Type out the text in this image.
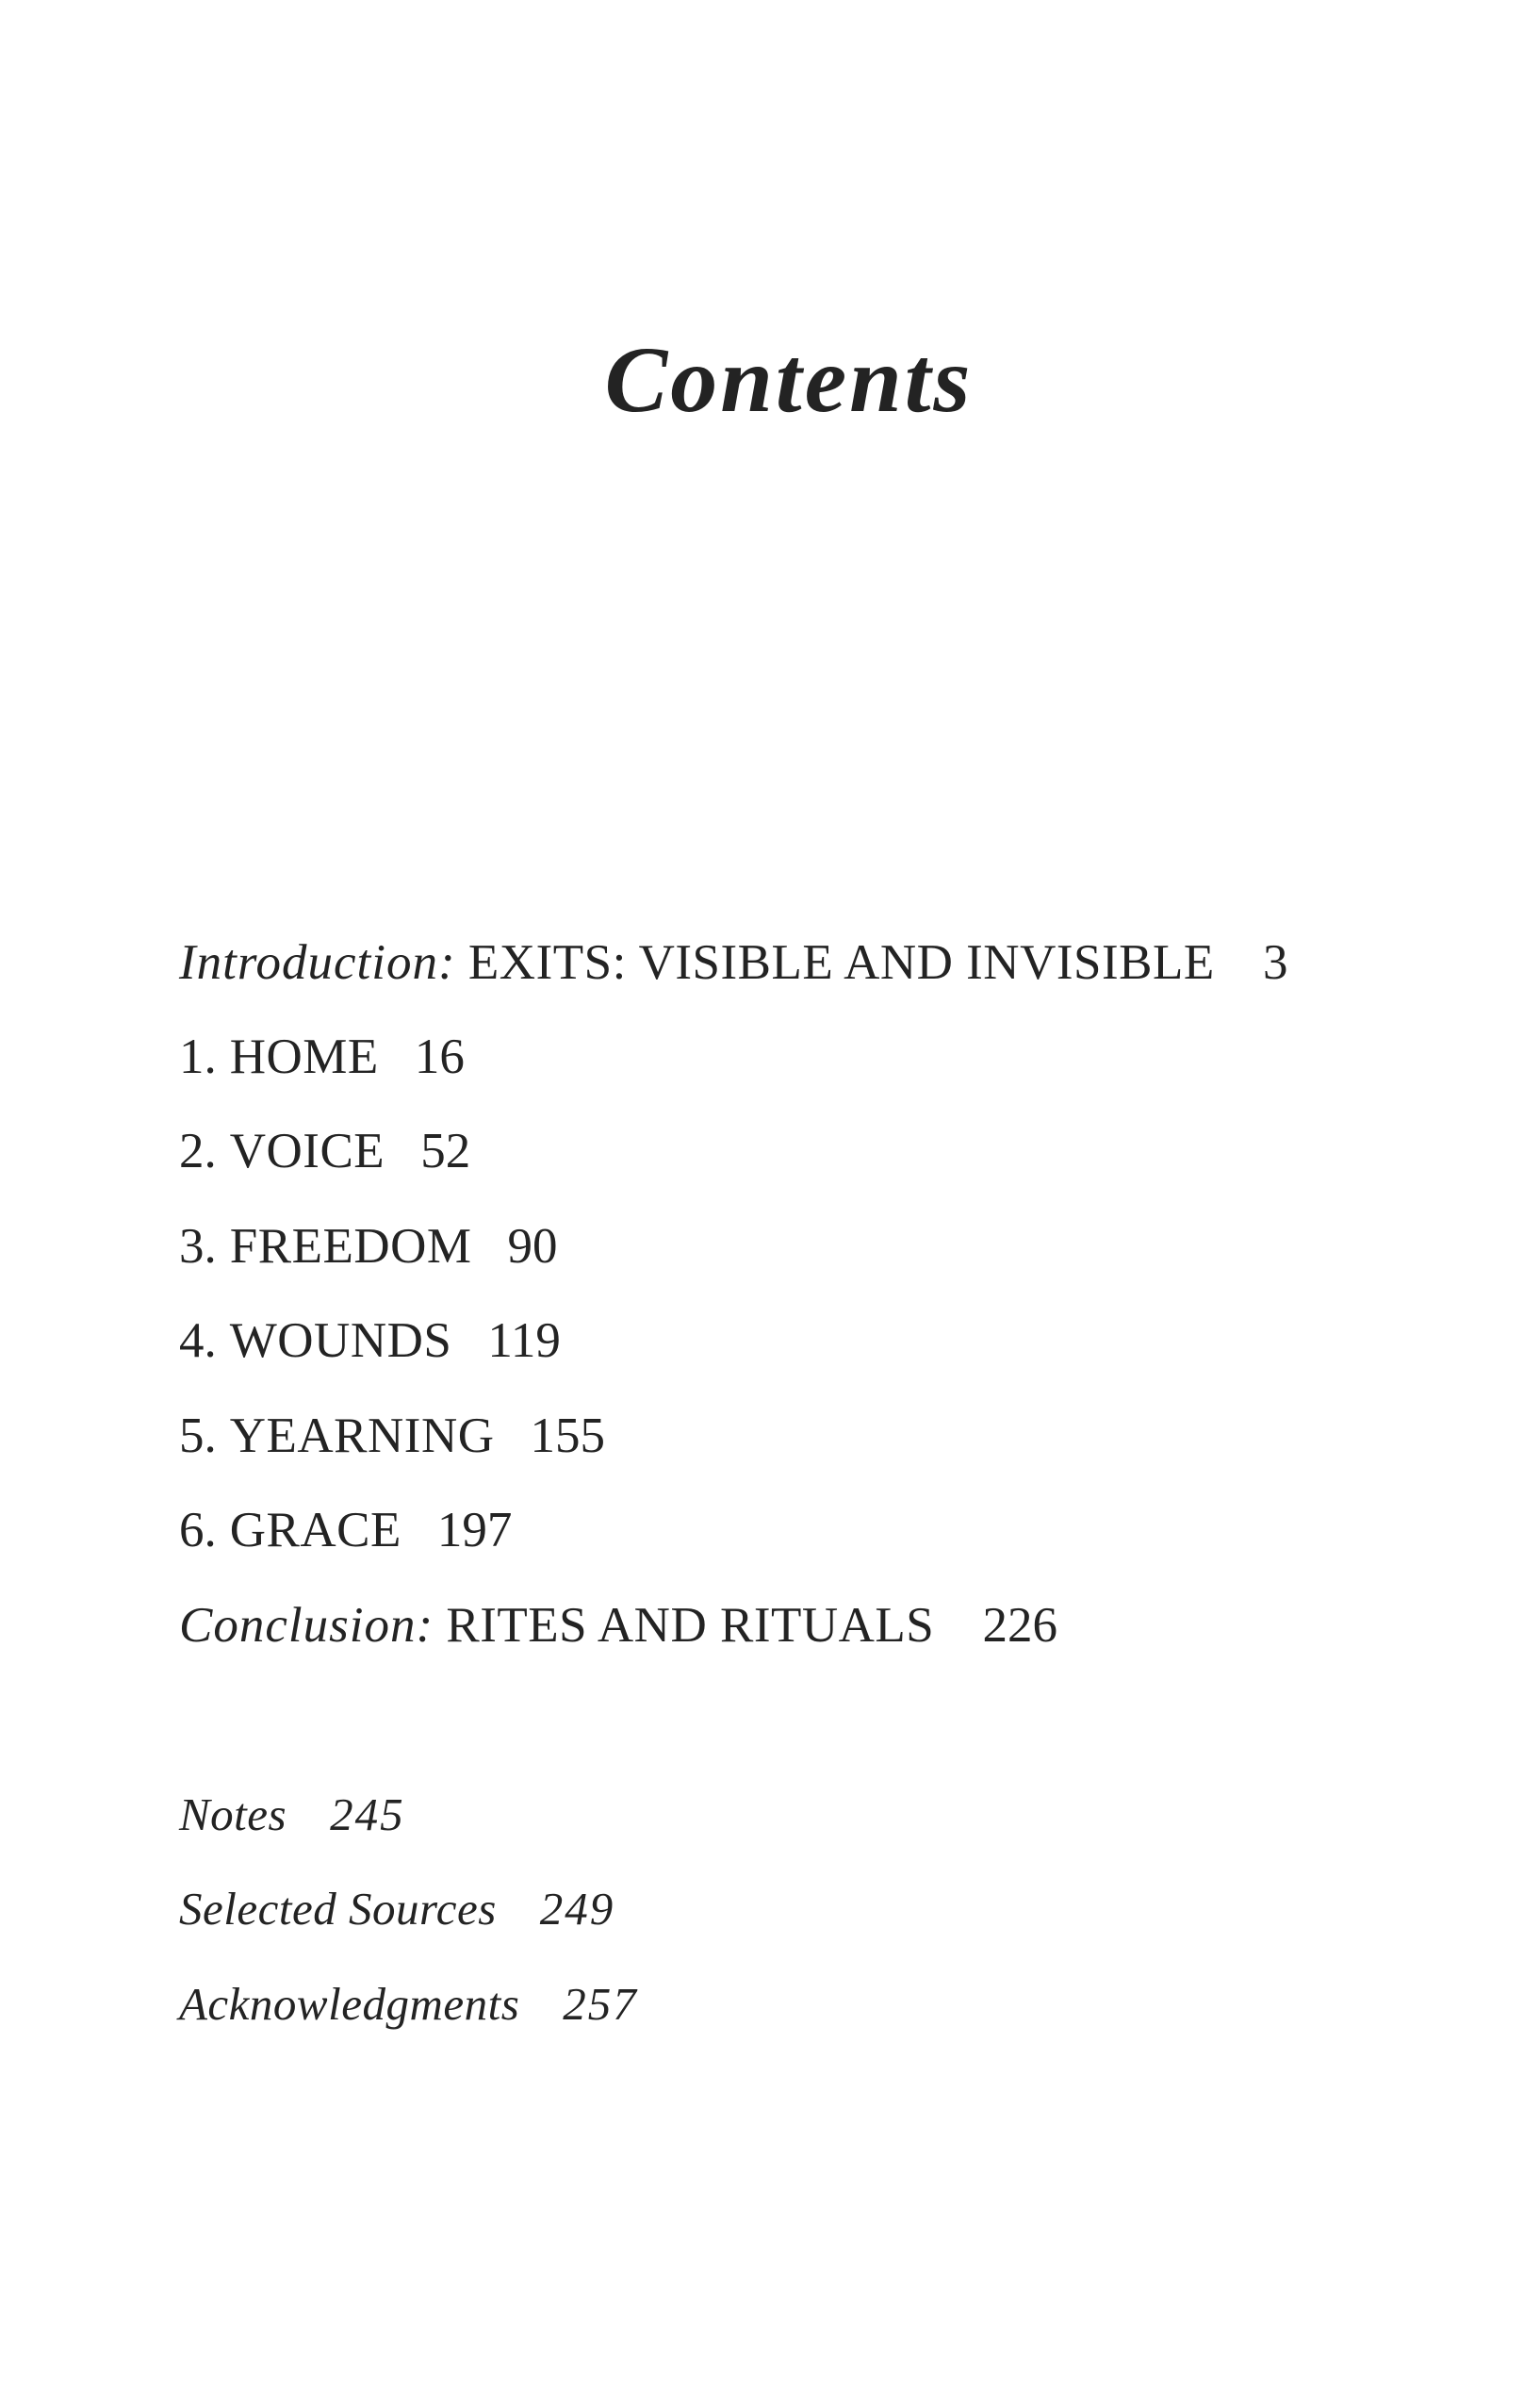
Contents
Introduction: EXITS: VISIBLE AND INVISIBLE 3
1. HOME 16
2. VOICE 52
3. FREEDOM 90
4. WOUNDS 119
5. YEARNING 155
6. GRACE 197
Conclusion: RITES AND RITUALS 226
Notes 245
Selected Sources 249
Acknowledgments 257
